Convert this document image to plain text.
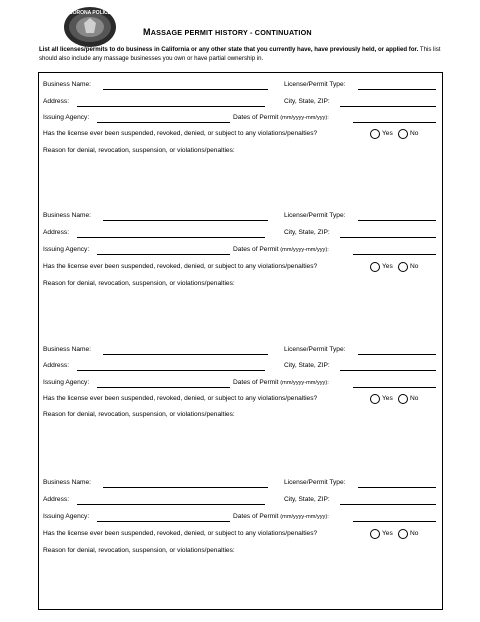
CORONA POLICE
MASSAGE PERMIT HISTORY - CONTINUATION
List all licenses/permits to do business in California or any other state that you currently have, have previously held, or applied for. This list should also include any massage businesses you own or have partial ownership in.
Business Name:	License/Permit Type:
Address:	City, State, ZIP:
Issuing Agency:	Dates of Permit (mm/yyyy-mm/yyy):
Has the license ever been suspended, revoked, denied, or subject to any violations/penalties?	Yes	No
Reason for denial, revocation, suspension, or violations/penalties:
Business Name:	License/Permit Type:
Address:	City, State, ZIP:
Issuing Agency:	Dates of Permit (mm/yyyy-mm/yyy):
Has the license ever been suspended, revoked, denied, or subject to any violations/penalties?	Yes	No
Reason for denial, revocation, suspension, or violations/penalties:
Business Name:	License/Permit Type:
Address:	City, State, ZIP:
Issuing Agency:	Dates of Permit (mm/yyyy-mm/yyy):
Has the license ever been suspended, revoked, denied, or subject to any violations/penalties?	Yes	No
Reason for denial, revocation, suspension, or violations/penalties:
Business Name:	License/Permit Type:
Address:	City, State, ZIP:
Issuing Agency:	Dates of Permit (mm/yyyy-mm/yyy):
Has the license ever been suspended, revoked, denied, or subject to any violations/penalties?	Yes	No
Reason for denial, revocation, suspension, or violations/penalties:
